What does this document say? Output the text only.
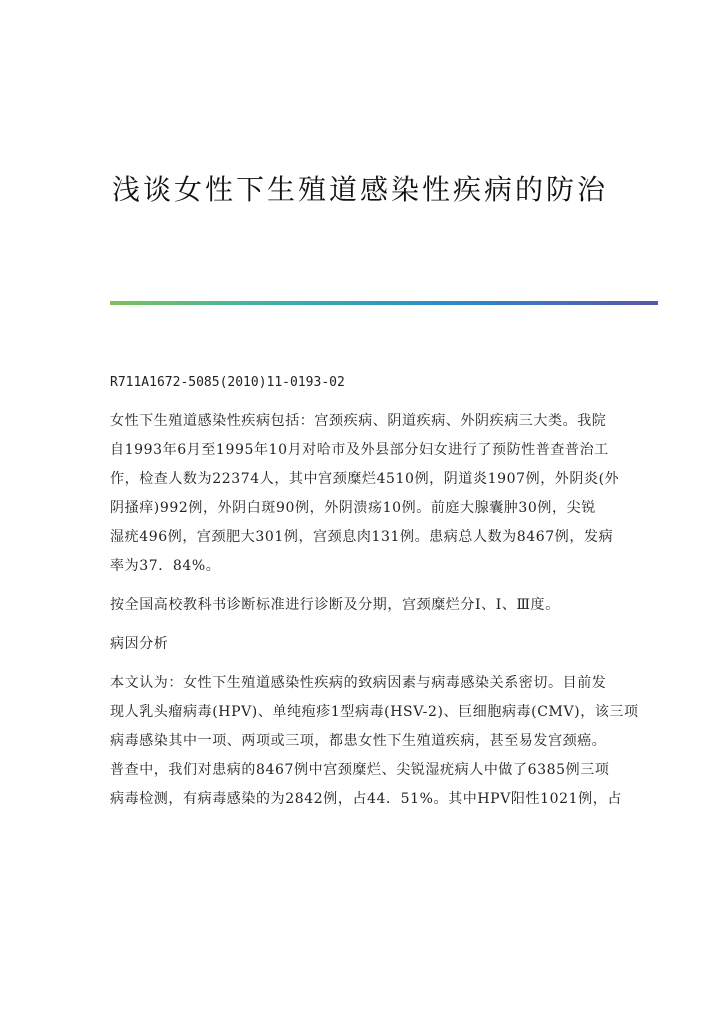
浅谈女性下生殖道感染性疾病的防治
R711A1672-5085(2010)11-0193-02
女性下生殖道感染性疾病包括：宫颈疾病、阴道疾病、外阴疾病三大类。我院
自1993年6月至1995年10月对哈市及外县部分妇女进行了预防性普查普治工
作，检查人数为22374人，其中宫颈糜烂4510例，阴道炎1907例，外阴炎(外
阴搔痒)992例，外阴白斑90例，外阴溃疡10例。前庭大腺囊肿30例，尖锐
湿疣496例，宫颈肥大301例，宫颈息肉131例。患病总人数为8467例，发病
率为37．84%。
按全国高校教科书诊断标准进行诊断及分期，宫颈糜烂分Ⅰ、Ⅰ、Ⅲ度。
病因分析
本文认为：女性下生殖道感染性疾病的致病因素与病毒感染关系密切。目前发
现人乳头瘤病毒(HPV)、单纯疱疹1型病毒(HSV-2)、巨细胞病毒(CMV)，该三项
病毒感染其中一项、两项或三项，都患女性下生殖道疾病，甚至易发宫颈癌。
普查中，我们对患病的8467例中宫颈糜烂、尖锐湿疣病人中做了6385例三项
病毒检测，有病毒感染的为2842例，占44．51%。其中HPV阳性1021例，占
